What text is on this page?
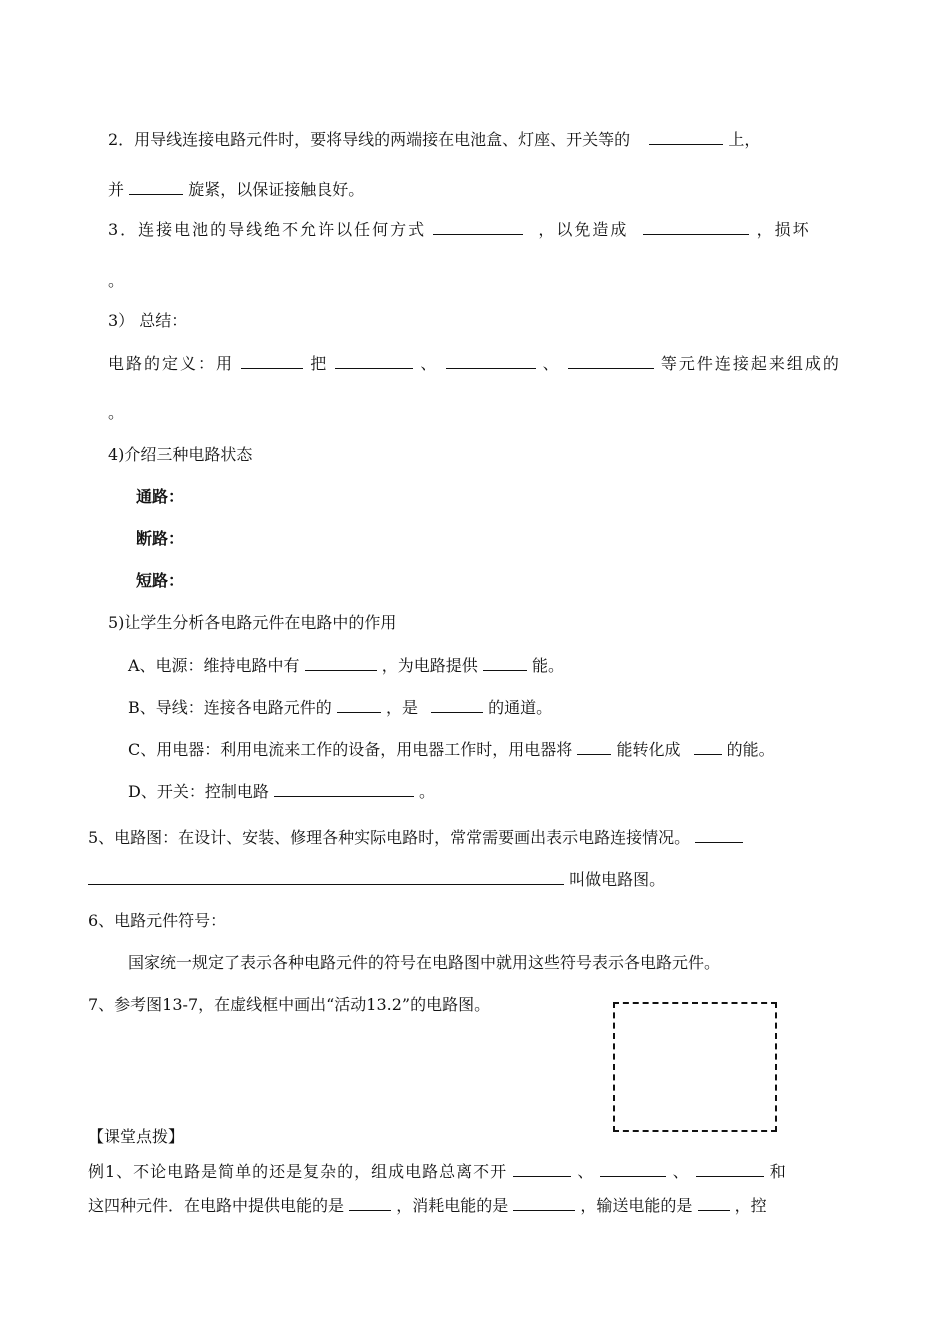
2．用导线连接电路元件时，要将导线的两端接在电池盒、灯座、开关等的	上，
并	旋紧，以保证接触良好。
3．连接电池的导线绝不允许以任何方式	，以免造成	，损坏
。
3） 总结：
电路的定义：用	把	、	、	等元件连接起来组成的
。
4)介绍三种电路状态
通路：
断路：
短路：
5)让学生分析各电路元件在电路中的作用
A、电源：维持电路中有	，为电路提供	能。
B、导线：连接各电路元件的	，是	的通道。
C、用电器：利用电流来工作的设备，用电器工作时，用电器将	能转化成	的能。
D、开关：控制电路	。
5、电路图：在设计、安装、修理各种实际电路时，常常需要画出表示电路连接情况。
叫做电路图。
6、电路元件符号：
国家统一规定了表示各种电路元件的符号在电路图中就用这些符号表示各电路元件。
7、参考图13-7，在虚线框中画出“活动13.2”的电路图。
【课堂点拨】
例1、不论电路是简单的还是复杂的，组成电路总离不开	、	、	和
这四种元件．在电路中提供电能的是	，消耗电能的是	，输送电能的是	，控
